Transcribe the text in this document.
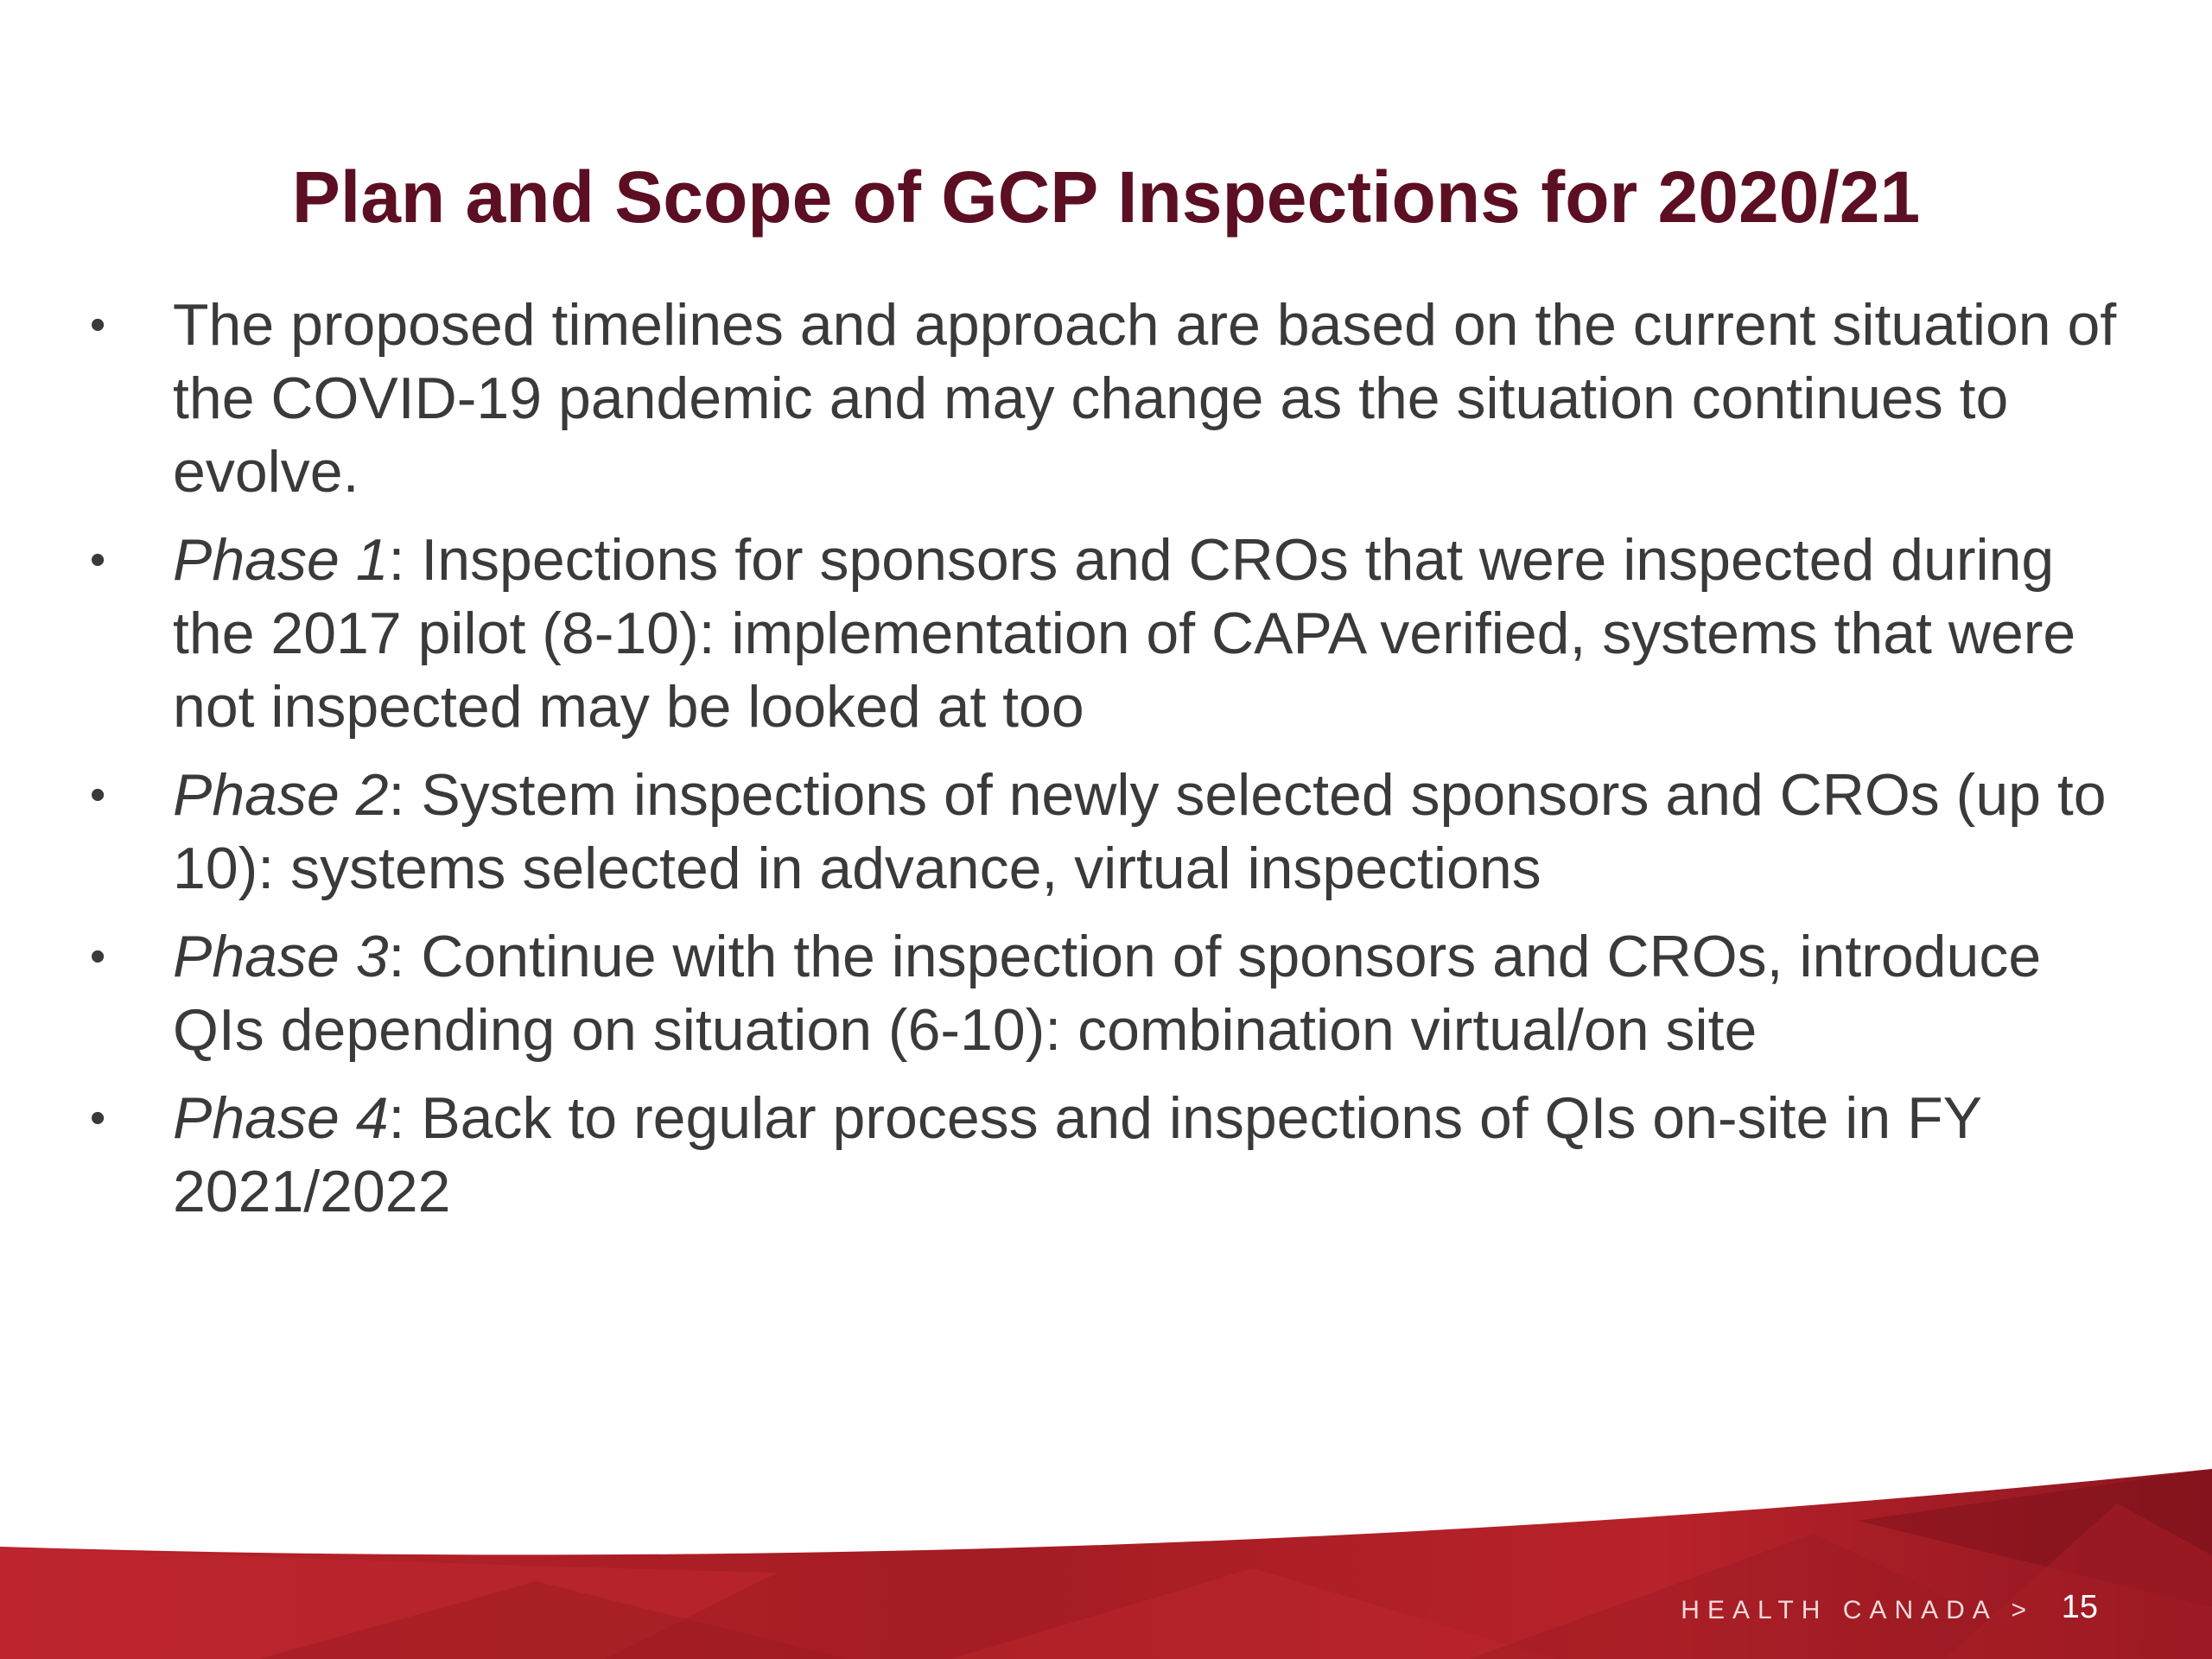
Plan and Scope of GCP Inspections for 2020/21
•	The proposed timelines and approach are based on the current situation of the COVID-19 pandemic and may change as the situation continues to evolve.
•	Phase 1: Inspections for sponsors and CROs that were inspected during the 2017 pilot (8-10): implementation of CAPA verified, systems that were not inspected may be looked at too
•	Phase 2: System inspections of newly selected sponsors and CROs (up to 10): systems selected in advance, virtual inspections
•	Phase 3: Continue with the inspection of sponsors and CROs, introduce QIs depending on situation (6-10): combination virtual/on site
•	Phase 4: Back to regular process and inspections of QIs on-site in FY 2021/2022
HEALTH CANADA > 15
